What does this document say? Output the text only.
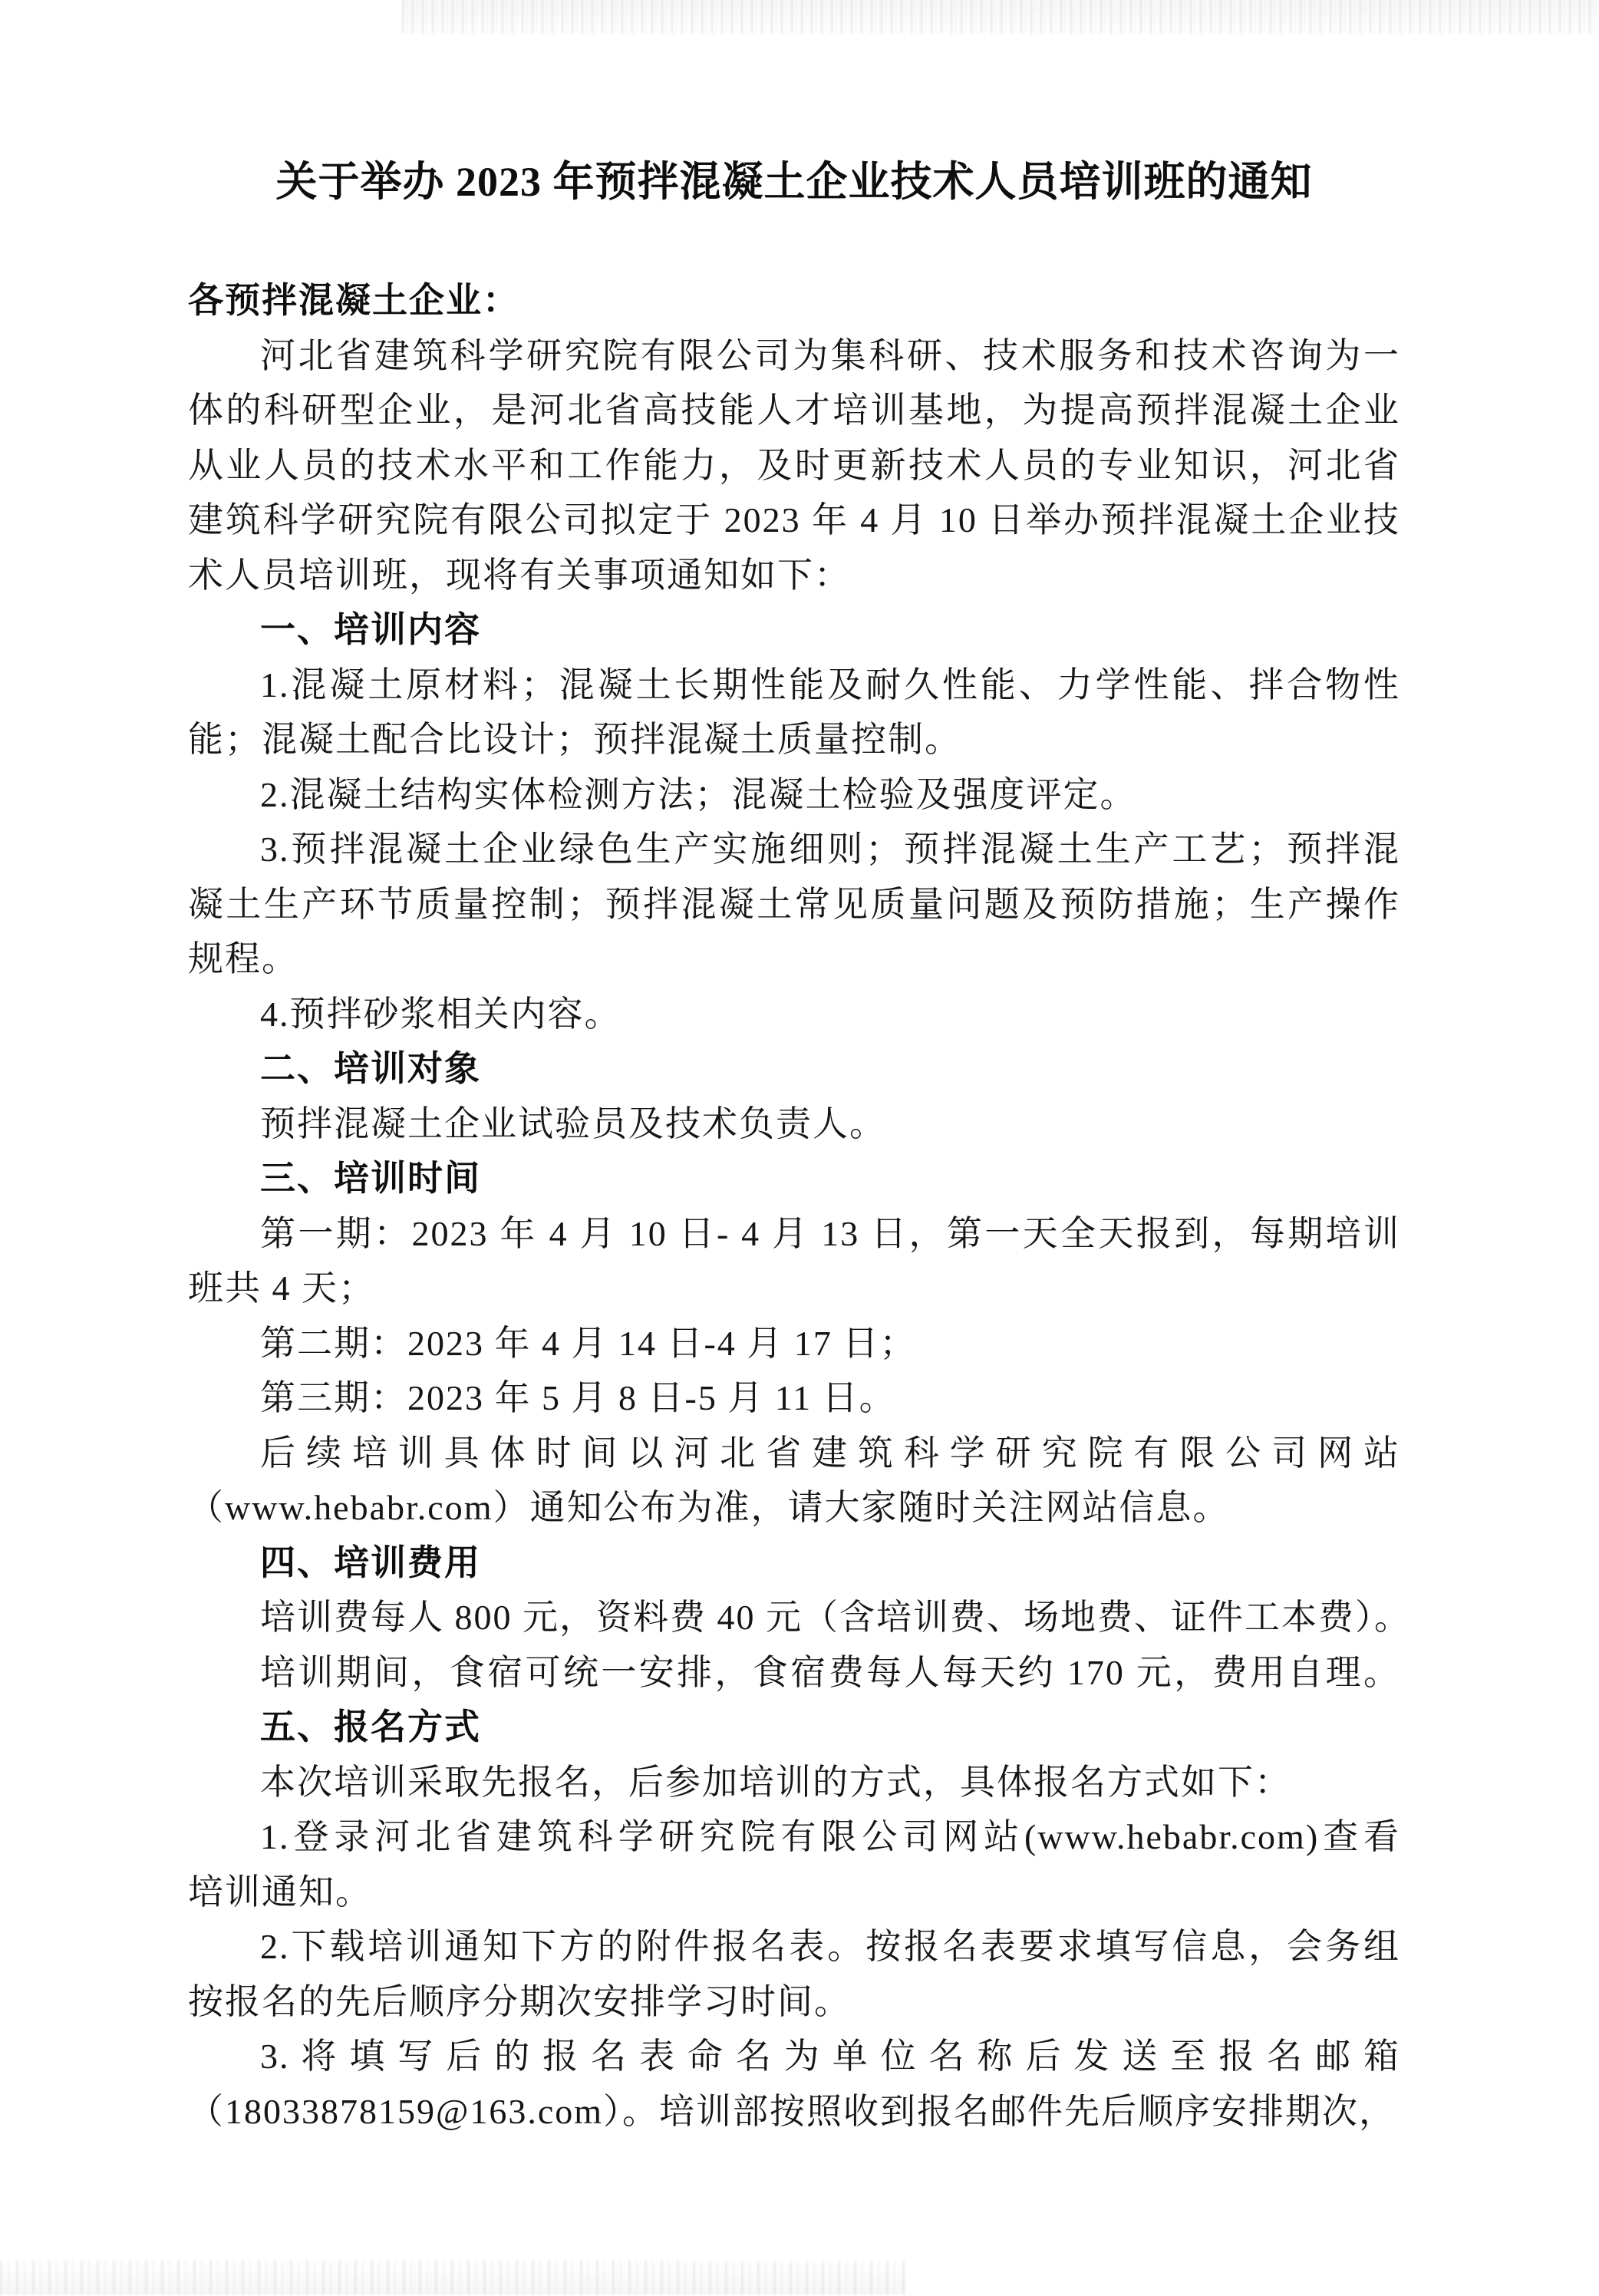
关于举办 2023 年预拌混凝土企业技术人员培训班的通知
各预拌混凝土企业：
河北省建筑科学研究院有限公司为集科研、技术服务和技术咨询为一
体的科研型企业，是河北省高技能人才培训基地，为提高预拌混凝土企业
从业人员的技术水平和工作能力，及时更新技术人员的专业知识，河北省
建筑科学研究院有限公司拟定于 2023 年 4 月 10 日举办预拌混凝土企业技
术人员培训班，现将有关事项通知如下：
一、培训内容
1.混凝土原材料；混凝土长期性能及耐久性能、力学性能、拌合物性
能；混凝土配合比设计；预拌混凝土质量控制。
2.混凝土结构实体检测方法；混凝土检验及强度评定。
3.预拌混凝土企业绿色生产实施细则；预拌混凝土生产工艺；预拌混
凝土生产环节质量控制；预拌混凝土常见质量问题及预防措施；生产操作
规程。
4.预拌砂浆相关内容。
二、培训对象
预拌混凝土企业试验员及技术负责人。
三、培训时间
第一期：2023 年 4 月 10 日- 4 月 13 日，第一天全天报到，每期培训
班共 4 天；
第二期：2023 年 4 月 14 日-4 月 17 日；
第三期：2023 年 5 月 8 日-5 月 11 日。
后续培训具体时间以河北省建筑科学研究院有限公司网站
（www.hebabr.com）通知公布为准，请大家随时关注网站信息。
四、培训费用
培训费每人 800 元，资料费 40 元（含培训费、场地费、证件工本费）。
培训期间，食宿可统一安排，食宿费每人每天约 170 元，费用自理。
五、报名方式
本次培训采取先报名，后参加培训的方式，具体报名方式如下：
1.登录河北省建筑科学研究院有限公司网站(www.hebabr.com)查看
培训通知。
2.下载培训通知下方的附件报名表。按报名表要求填写信息，会务组
按报名的先后顺序分期次安排学习时间。
3.将填写后的报名表命名为单位名称后发送至报名邮箱
（18033878159@163.com）。培训部按照收到报名邮件先后顺序安排期次，
